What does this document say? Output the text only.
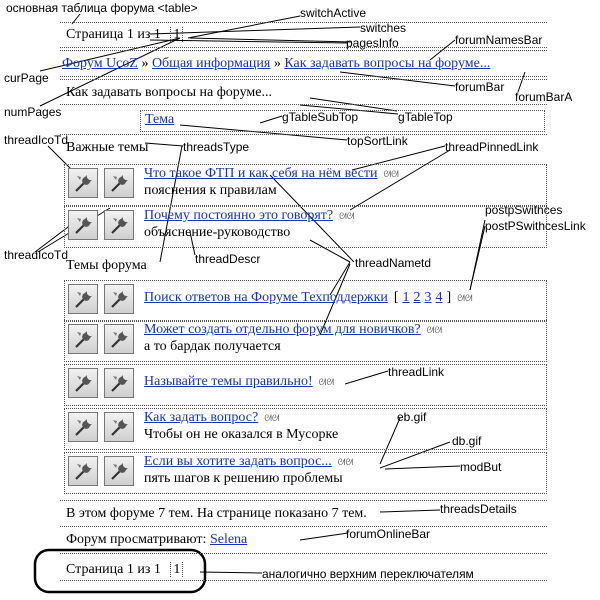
основная таблица форума <table>	switchActive
switches
pagesInfo	forumNamesBar
curPage
forumBar
forumBarA
numPages	gTableSubTop	gTableTop
topSortLink
threadIcoTd	threadsType	threadPinnedLink
postpSwithces
postPSwithcesLink
threadIcoTd	threadDescr	threadNametd
threadLink
eb.gif
db.gif
modBut
threadsDetails
forumOnlineBar
аналогично верхним переключателям
Страница 1 из 1 1
Форум UcoZ » Общая информация » Как задавать вопросы на форуме...
Как задавать вопросы на форуме...
Тема
Важные темы
Что такое ФТП и как себя на нём вести ᘛᘛ
пояснения к правилам
Почему постоянно это говорят? ᘛᘛ
объяснение-руководство
Поиск ответов на Форуме Техподдержки [ 1 2 3 4 ] ᘛᘛ
Может создать отдельно форум для новичков? ᘛᘛ
а то бардак получается
Называйте темы правильно! ᘛᘛ
Как задать вопрос? ᘛᘛ
Чтобы он не оказался в Мусорке
Если вы хотите задать вопрос... ᘛᘛ
пять шагов к решению проблемы
Темы форума
В этом форуме 7 тем. На странице показано 7 тем.
Форум просматривают: Selena
Страница 1 из 1 1
